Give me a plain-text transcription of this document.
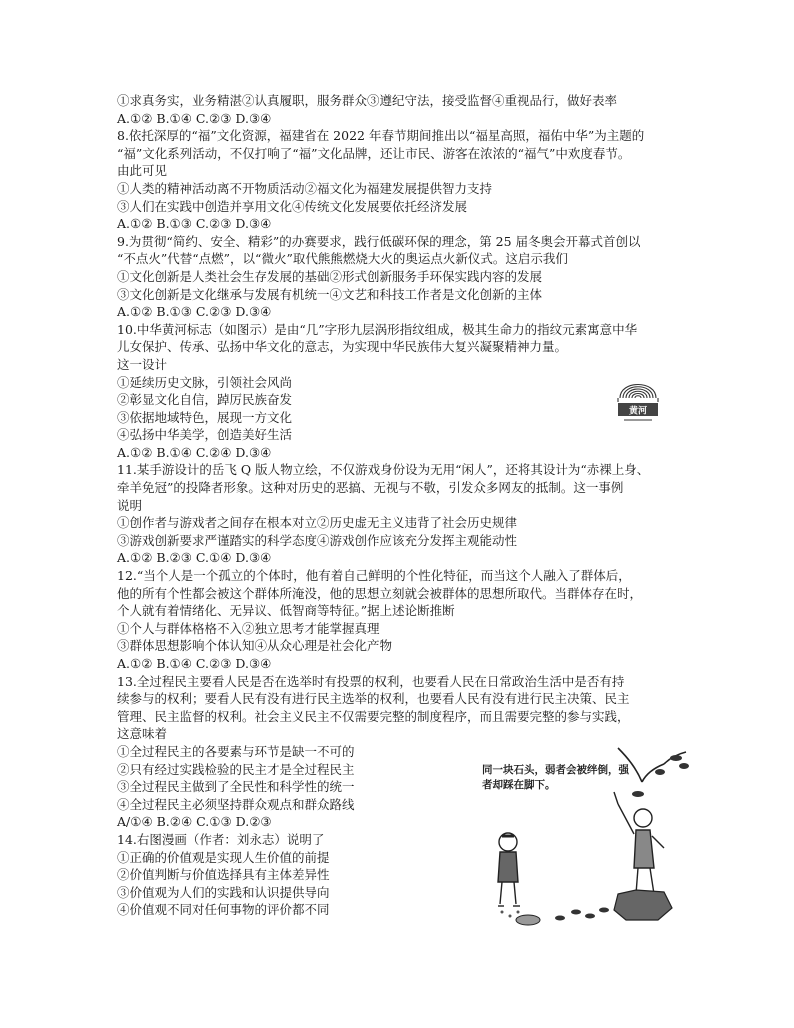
①求真务实，业务精湛②认真履职，服务群众③遵纪守法，接受监督④重视品行，做好表率
A.①② B.①④ C.②③ D.③④
8.依托深厚的“福”文化资源，福建省在 2022 年春节期间推出以“福星高照，福佑中华”为主题的
“福”文化系列活动，不仅打响了“福”文化品牌，还让市民、游客在浓浓的“福气”中欢度春节。
由此可见
①人类的精神活动离不开物质活动②福文化为福建发展提供智力支持
③人们在实践中创造并享用文化④传统文化发展要依托经济发展
A.①② B.①③ C.②③ D.③④
9.为贯彻“简约、安全、精彩”的办赛要求，践行低碳环保的理念，第 25 届冬奥会开幕式首创以
“不点火”代替“点燃”，以“微火”取代熊熊燃烧大火的奥运点火新仪式。这启示我们
①文化创新是人类社会生存发展的基础②形式创新服务手环保实践内容的发展
③文化创新是文化继承与发展有机统一④文艺和科技工作者是文化创新的主体
A.①② B.①③ C.②③ D.③④
10.中华黄河标志（如图示）是由“几”字形九层涡形指纹组成，极其生命力的指纹元素寓意中华
儿女保护、传承、弘扬中华文化的意志，为实现中华民族伟大复兴凝聚精神力量。
这一设计
①延续历史文脉，引领社会风尚
②彰显文化自信，踔厉民族奋发
③依据地域特色，展现一方文化
④弘扬中华美学，创造美好生活
A.①② B.①④ C.②④ D.③④
11.某手游设计的岳飞 Q 版人物立绘，不仅游戏身份设为无用“闲人”，还将其设计为“赤裸上身、
牵羊免冠”的投降者形象。这种对历史的恶搞、无视与不敬，引发众多网友的抵制。这一事例
说明
①创作者与游戏者之间存在根本对立②历史虚无主义违背了社会历史规律
③游戏创新要求严谨踏实的科学态度④游戏创作应该充分发挥主观能动性
A.①② B.②③ C.①④ D.③④
12.“当个人是一个孤立的个体时，他有着自己鲜明的个性化特征，而当这个人融入了群体后，
他的所有个性都会被这个群体所淹没，他的思想立刻就会被群体的思想所取代。当群体存在时，
个人就有着情绪化、无异议、低智商等特征。”据上述论断推断
①个人与群体格格不入②独立思考才能掌握真理
③群体思想影响个体认知④从众心理是社会化产物
A.①② B.①④ C.②③ D.③④
13.全过程民主要看人民是否在选举时有投票的权利，也要看人民在日常政治生活中是否有持
续参与的权利；要看人民有没有进行民主选举的权利，也要看人民有没有进行民主决策、民主
管理、民主监督的权利。社会主义民主不仅需要完整的制度程序，而且需要完整的参与实践，
这意味着
①全过程民主的各要素与环节是缺一不可的
②只有经过实践检验的民主才是全过程民主
③全过程民主做到了全民性和科学性的统一
④全过程民主必须坚持群众观点和群众路线
A/①④ B.②④ C.①③ D.②③
14.右图漫画（作者：刘永志）说明了
①正确的价值观是实现人生价值的前提
②价值判断与价值选择具有主体差异性
③价值观为人们的实践和认识提供导向
④价值观不同对任何事物的评价都不同
黄河
同一块石头，弱者会被绊倒，强者却踩在脚下。
